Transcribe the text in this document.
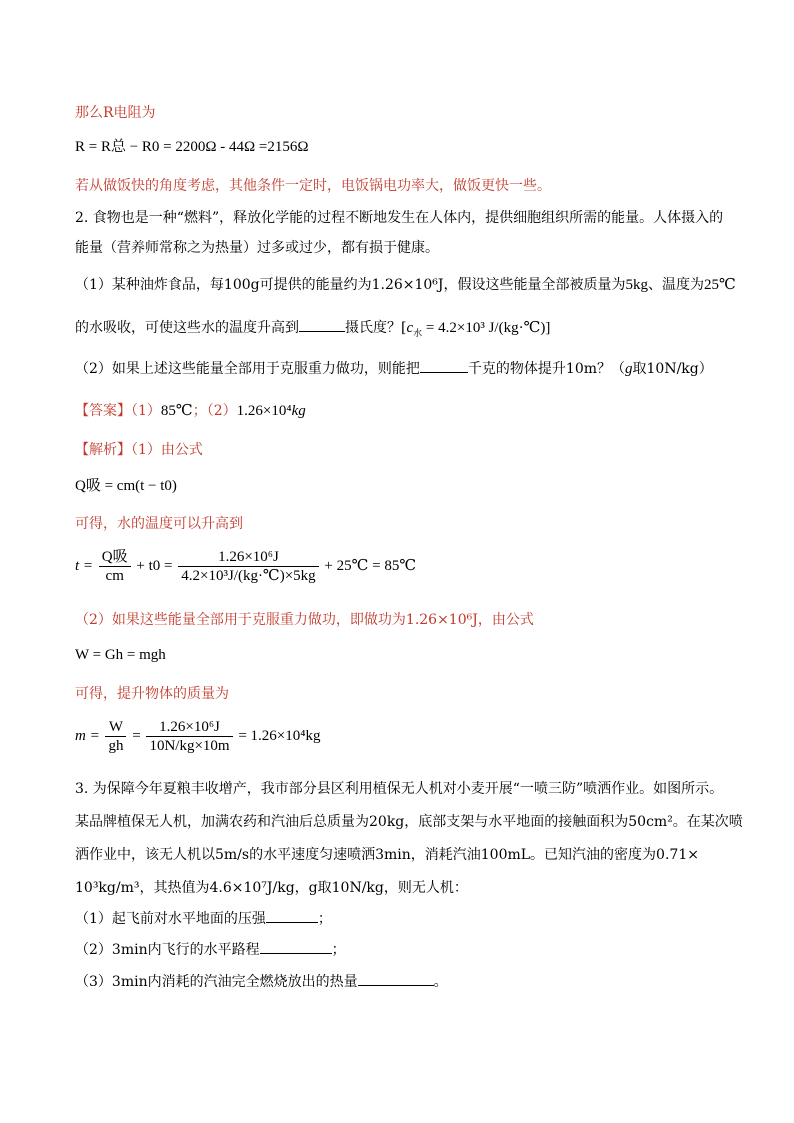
那么R电阻为
R = R总 − R0 = 2200Ω - 44Ω =2156Ω
若从做饭快的角度考虑，其他条件一定时，电饭锅电功率大，做饭更快一些。
2. 食物也是一种“燃料”，释放化学能的过程不断地发生在人体内，提供细胞组织所需的能量。人体摄入的
能量（营养师常称之为热量）过多或过少，都有损于健康。
（1）某种油炸食品，每100g可提供的能量约为1.26×10⁶J，假设这些能量全部被质量为5kg、温度为25℃
的水吸收，可使这些水的温度升高到	摄氏度？[$c_水 = 4.2\times 10^3$ J/(kg·℃)]
（2）如果上述这些能量全部用于克服重力做功，则能把	千克的物体提升10m？（g取10N/kg）
【答案】（1）85℃；（2）1.26×10⁴kg
【解析】（1）由公式
Q吸 = cm(t − t0)
可得，水的温度可以升高到
$t = \frac{\text{Q吸}}{cm} + t0 = \frac{\text{1.26×10⁶J}}{\text{4.2×10³J/(kg·℃)×5kg}}$ + 25℃ = 85℃
（2）如果这些能量全部用于克服重力做功，即做功为1.26×10⁶J，由公式
W = Gh = mgh
可得，提升物体的质量为
$m = \frac{W}{gh} = \frac{\text{1.26×10⁶J}}{10N/kg\times 10m} = 1.26\times 10^4kg$
3. 为保障今年夏粮丰收增产，我市部分县区利用植保无人机对小麦开展“一喷三防”喷洒作业。如图所示。
某品牌植保无人机，加满农药和汽油后总质量为20kg，底部支架与水平地面的接触面积为50cm²。在某次喷
洒作业中，该无人机以5m/s的水平速度匀速喷洒3min，消耗汽油100mL。已知汽油的密度为0.71×
10³kg/m³，其热值为4.6×10⁷J/kg，g取10N/kg，则无人机：
（1）起飞前对水平地面的压强	；
（2）3min内飞行的水平路程	；
（3）3min内消耗的汽油完全燃烧放出的热量	。
